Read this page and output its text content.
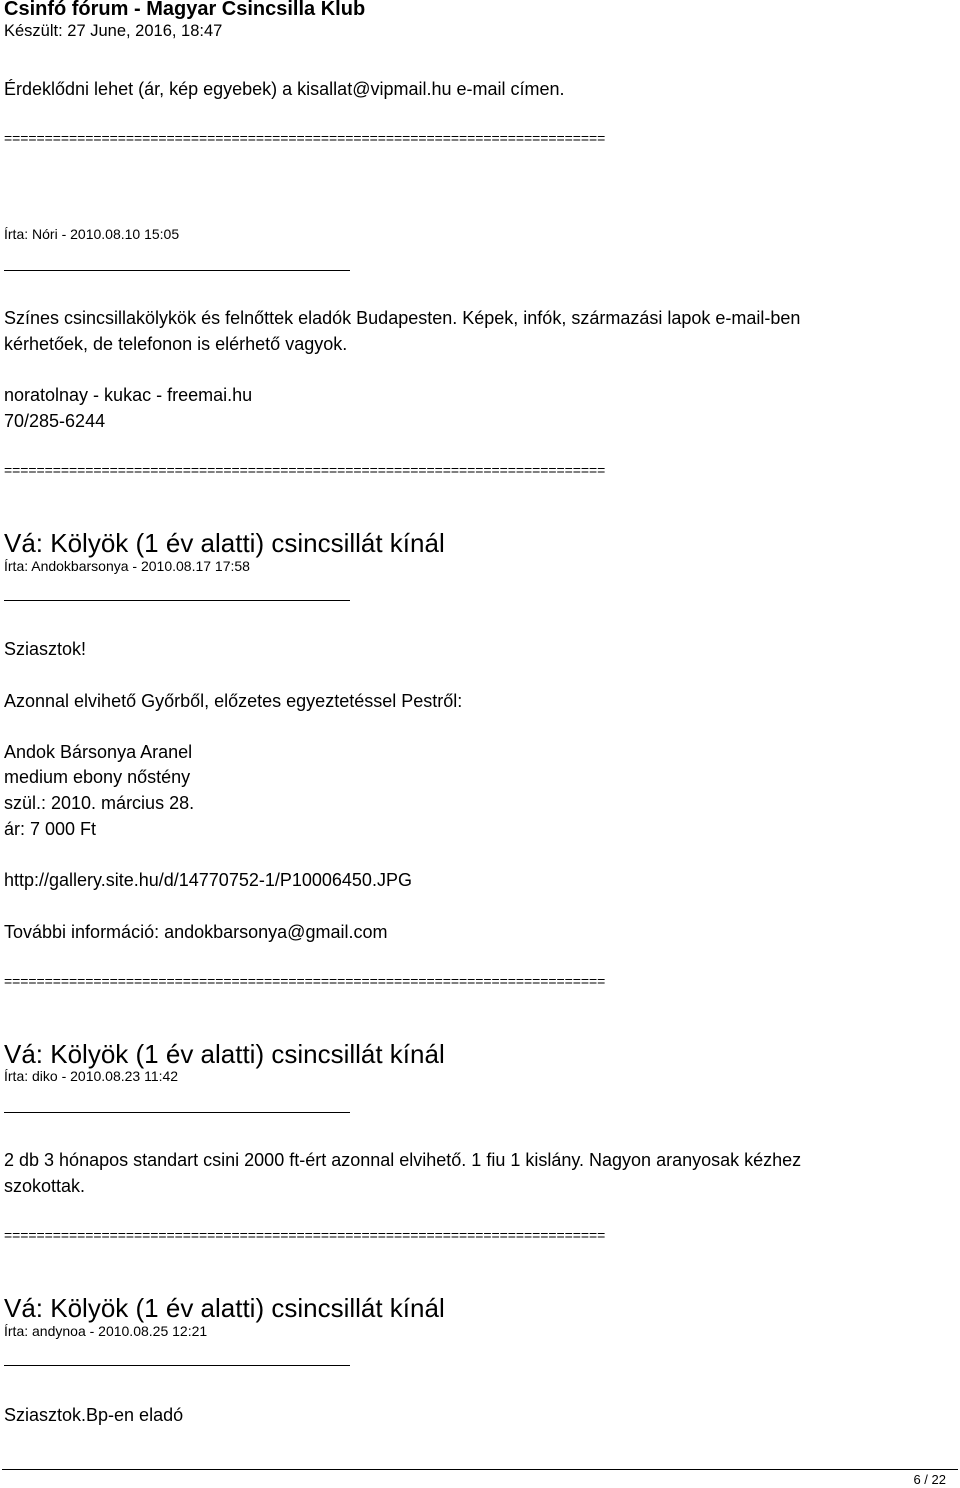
Csinfó fórum - Magyar Csincsilla Klub
Készült: 27 June, 2016, 18:47
Érdeklődni lehet (ár, kép egyebek) a kisallat@vipmail.hu e-mail címen.
==========================================================================
Írta: Nóri - 2010.08.10 15:05
Színes csincsillakölykök és felnőttek eladók Budapesten. Képek, infók, származási lapok e-mail-ben
kérhetőek, de telefonon is elérhető vagyok.
noratolnay - kukac - freemai.hu
70/285-6244
==========================================================================
Vá: Kölyök (1 év alatti) csincsillát kínál
Írta: Andokbarsonya - 2010.08.17 17:58
Sziasztok!
Azonnal elvihető Győrből, előzetes egyeztetéssel Pestről:
Andok Bársonya Aranel
medium ebony nőstény
szül.: 2010. március 28.
ár: 7 000 Ft
http://gallery.site.hu/d/14770752-1/P10006450.JPG
További információ: andokbarsonya@gmail.com
==========================================================================
Vá: Kölyök (1 év alatti) csincsillát kínál
Írta: diko - 2010.08.23 11:42
2 db 3 hónapos standart csini 2000 ft-ért azonnal elvihető. 1 fiu 1 kislány. Nagyon aranyosak kézhez
szokottak.
==========================================================================
Vá: Kölyök (1 év alatti) csincsillát kínál
Írta: andynoa - 2010.08.25 12:21
Sziasztok.Bp-en eladó
6 / 22
